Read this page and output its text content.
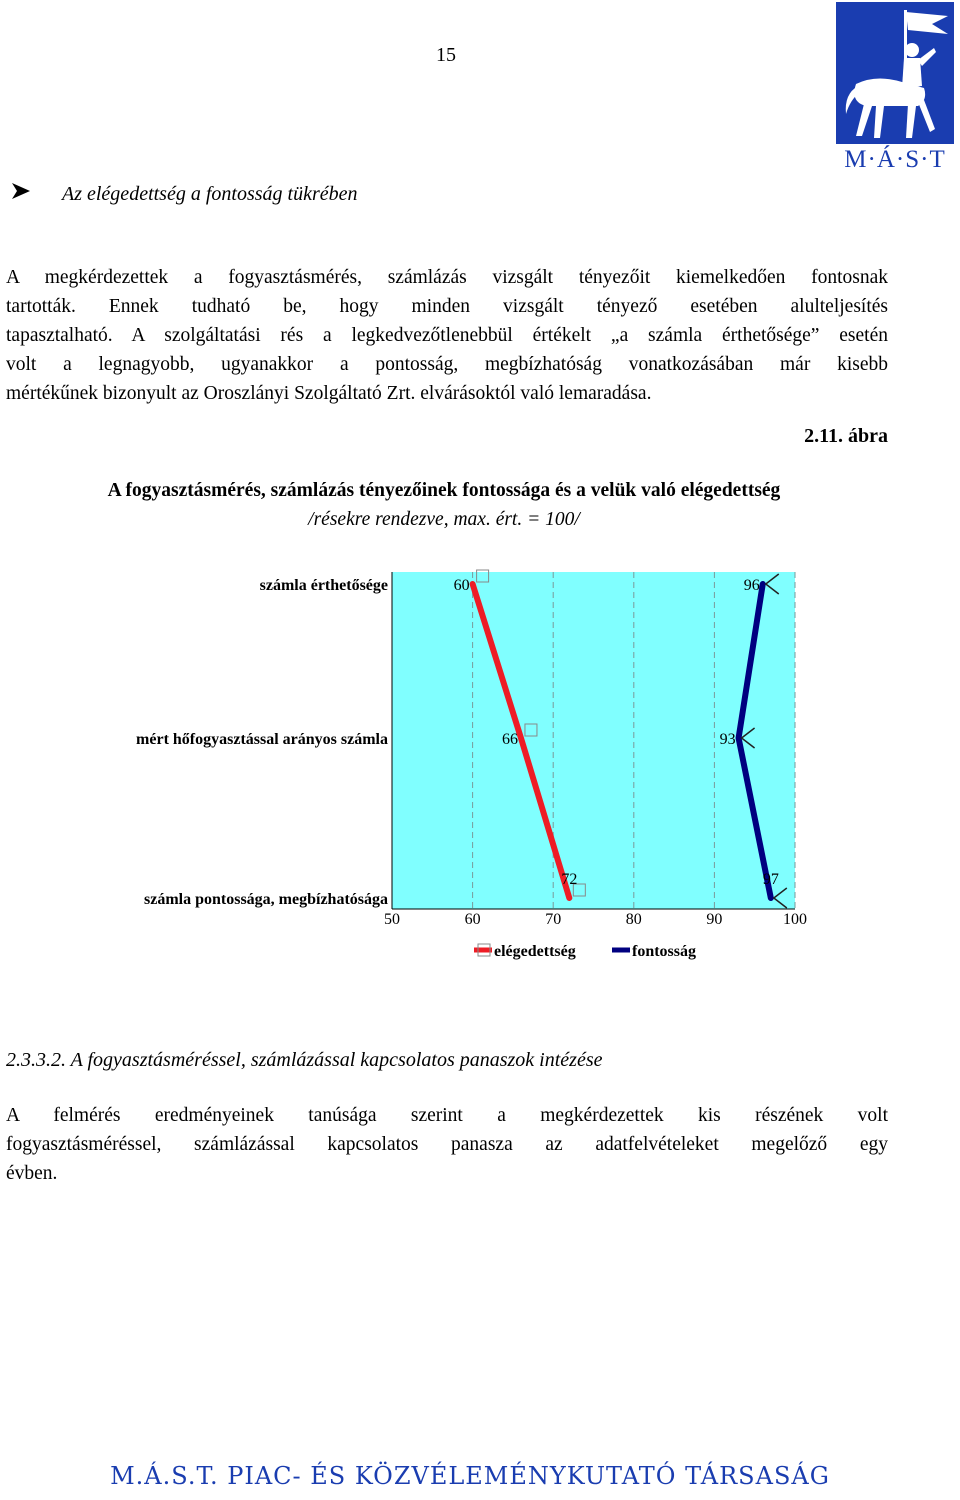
15
M·Á·S·T
Az elégedettség a fontosság tükrében
A megkérdezettek a fogyasztásmérés, számlázás vizsgált tényezőit kiemelkedően fontosnak
tartották. Ennek tudható be, hogy minden vizsgált tényező esetében alulteljesítés
tapasztalható. A szolgáltatási rés a legkedvezőtlenebbül értékelt „a számla érthetősége” esetén
volt a legnagyobb, ugyanakkor a pontosság, megbízhatóság vonatkozásában már kisebb
mértékűnek bizonyult az Oroszlányi Szolgáltató Zrt. elvárásoktól való lemaradása.
2.11. ábra
A fogyasztásmérés, számlázás tényezőinek fontossága és a velük való elégedettség
/résekre rendezve, max. ért. = 100/
50	60	70	80	90	100
számla érthetősége
mért hőfogyasztással arányos számla
számla pontossága, megbízhatósága
60
66
72
96
93
97
elégedettség	fontosság
2.3.3.2. A fogyasztásméréssel, számlázással kapcsolatos panaszok intézése
A felmérés eredményeinek tanúsága szerint a megkérdezettek kis részének volt
fogyasztásméréssel, számlázással kapcsolatos panasza az adatfelvételeket megelőző egy
évben.
M.Á.S.T. PIAC- ÉS KÖZVÉLEMÉNYKUTATÓ TÁRSASÁG
